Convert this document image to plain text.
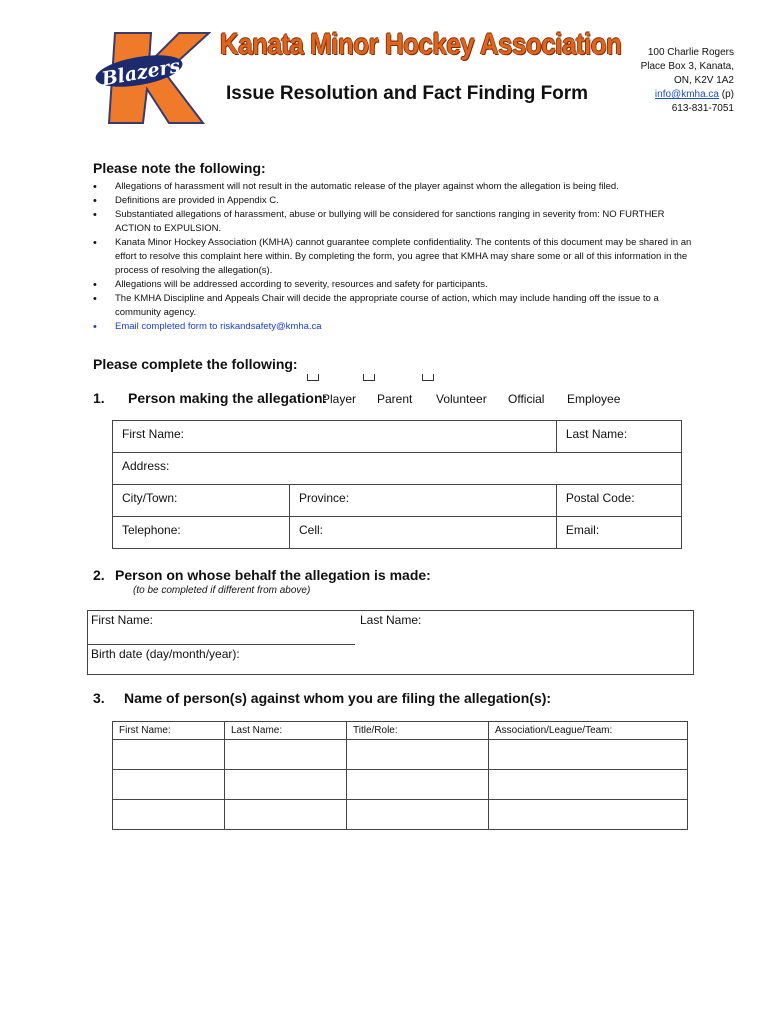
Blazers
Kanata Minor Hockey Association
Issue Resolution and Fact Finding Form
100 Charlie Rogers
Place Box 3, Kanata,
ON, K2V 1A2
info@kmha.ca (p)
613-831-7051
Please note the following:
• Allegations of harassment will not result in the automatic release of the player against whom the allegation is being filed.
• Definitions are provided in Appendix C.
• Substantiated allegations of harassment, abuse or bullying will be considered for sanctions ranging in severity from: NO FURTHER ACTION to EXPULSION.
• Kanata Minor Hockey Association (KMHA) cannot guarantee complete confidentiality. The contents of this document may be shared in an effort to resolve this complaint here within. By completing the form, you agree that KMHA may share some or all of this information in the process of resolving the allegation(s).
• Allegations will be addressed according to severity, resources and safety for participants.
• The KMHA Discipline and Appeals Chair will decide the appropriate course of action, which may include handing off the issue to a community agency.
• Email completed form to riskandsafety@kmha.ca
Please complete the following:
1. Person making the allegation:
Player Parent Volunteer Official Employee
First Name:		Last Name:
Address:		
City/Town:	Province:	Postal Code:
Telephone:	Cell:	Email:
2. Person on whose behalf the allegation is made:
(to be completed if different from above)
First Name:	Last Name:
Birth date (day/month/year):
3. Name of person(s) against whom you are filing the allegation(s):
First Name:	Last Name:	Title/Role:	Association/League/Team:
